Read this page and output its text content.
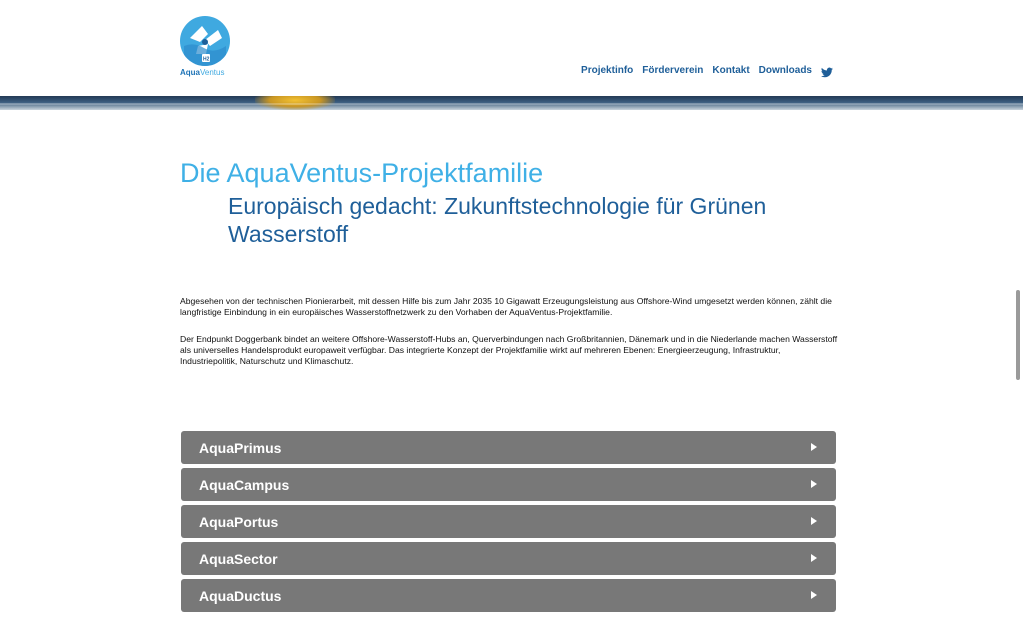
H2
AquaVentus	Projektinfo Förderverein Kontakt Downloads
Die AquaVentus-Projektfamilie
Europäisch gedacht: Zukunftstechnologie für Grünen Wasserstoff

Abgesehen von der technischen Pionierarbeit, mit dessen Hilfe bis zum Jahr 2035 10 Gigawatt Erzeugungsleistung aus Offshore-Wind umgesetzt werden können, zählt die langfristige Einbindung in ein europäisches Wasserstoffnetzwerk zu den Vorhaben der AquaVentus-Projektfamilie.

Der Endpunkt Doggerbank bindet an weitere Offshore-Wasserstoff-Hubs an, Querverbindungen nach Großbritannien, Dänemark und in die Niederlande machen Wasserstoff als universelles Handelsprodukt europaweit verfügbar. Das integrierte Konzept der Projektfamilie wirkt auf mehreren Ebenen: Energieerzeugung, Infrastruktur, Industriepolitik, Naturschutz und Klimaschutz.

AquaPrimus
AquaCampus
AquaPortus
AquaSector
AquaDuctus
